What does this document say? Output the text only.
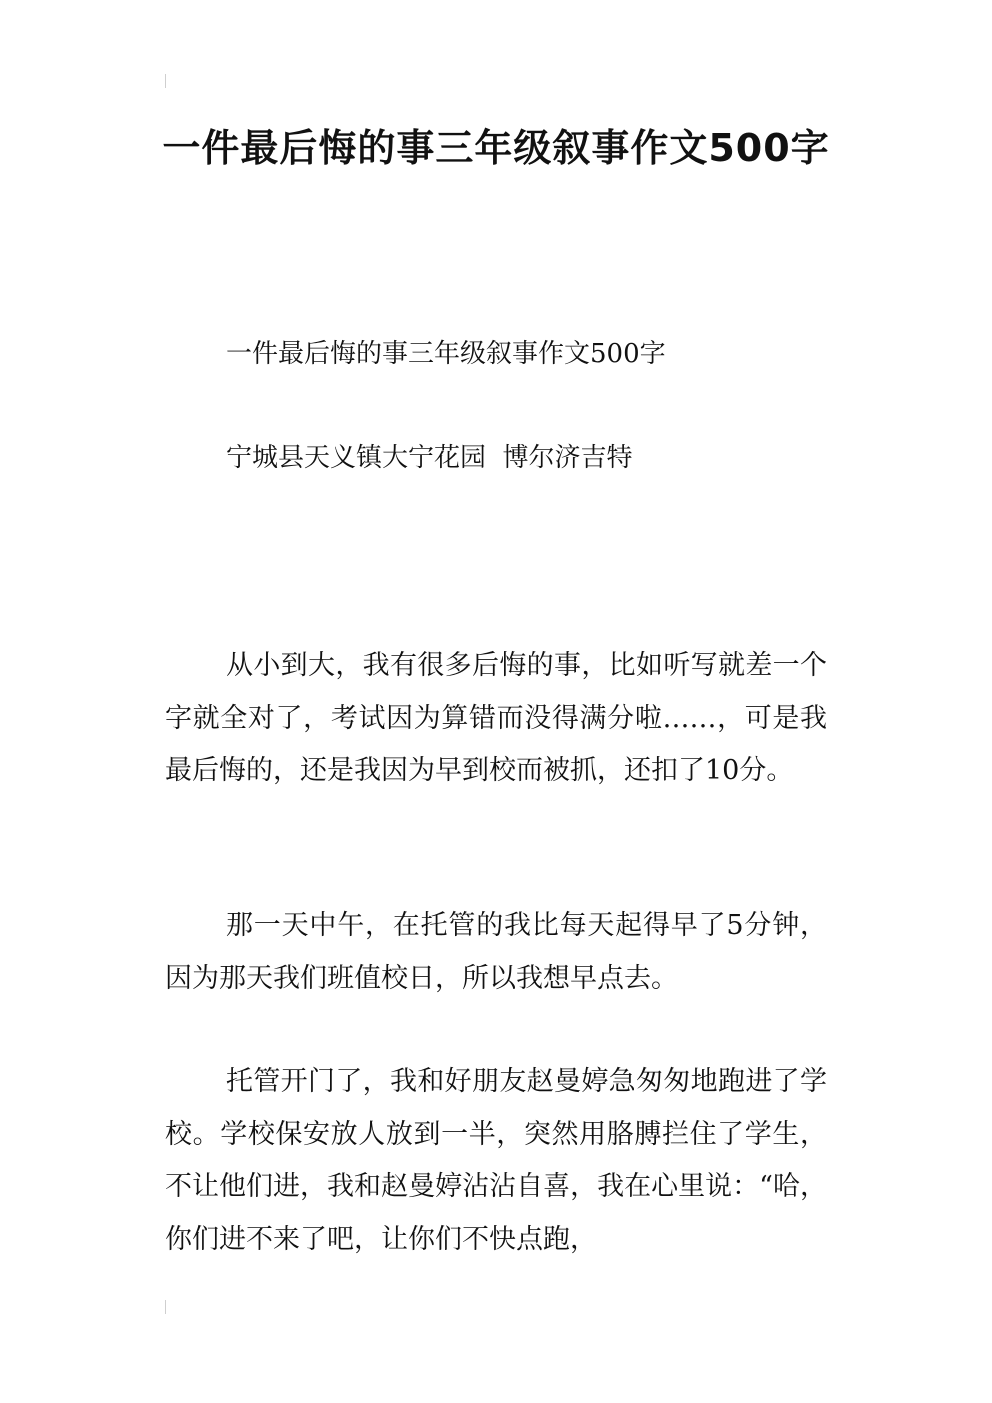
一件最后悔的事三年级叙事作文500字

一件最后悔的事三年级叙事作文500字

宁城县天义镇大宁花园  博尔济吉特

从小到大，我有很多后悔的事，比如听写就差一个字就全对了，考试因为算错而没得满分啦……，可是我最后悔的，还是我因为早到校而被抓，还扣了10分。

那一天中午，在托管的我比每天起得早了5分钟，因为那天我们班值校日，所以我想早点去。

托管开门了，我和好朋友赵曼婷急匆匆地跑进了学校。学校保安放人放到一半，突然用胳膊拦住了学生，不让他们进，我和赵曼婷沾沾自喜，我在心里说：“哈，你们进不来了吧，让你们不快点跑，
